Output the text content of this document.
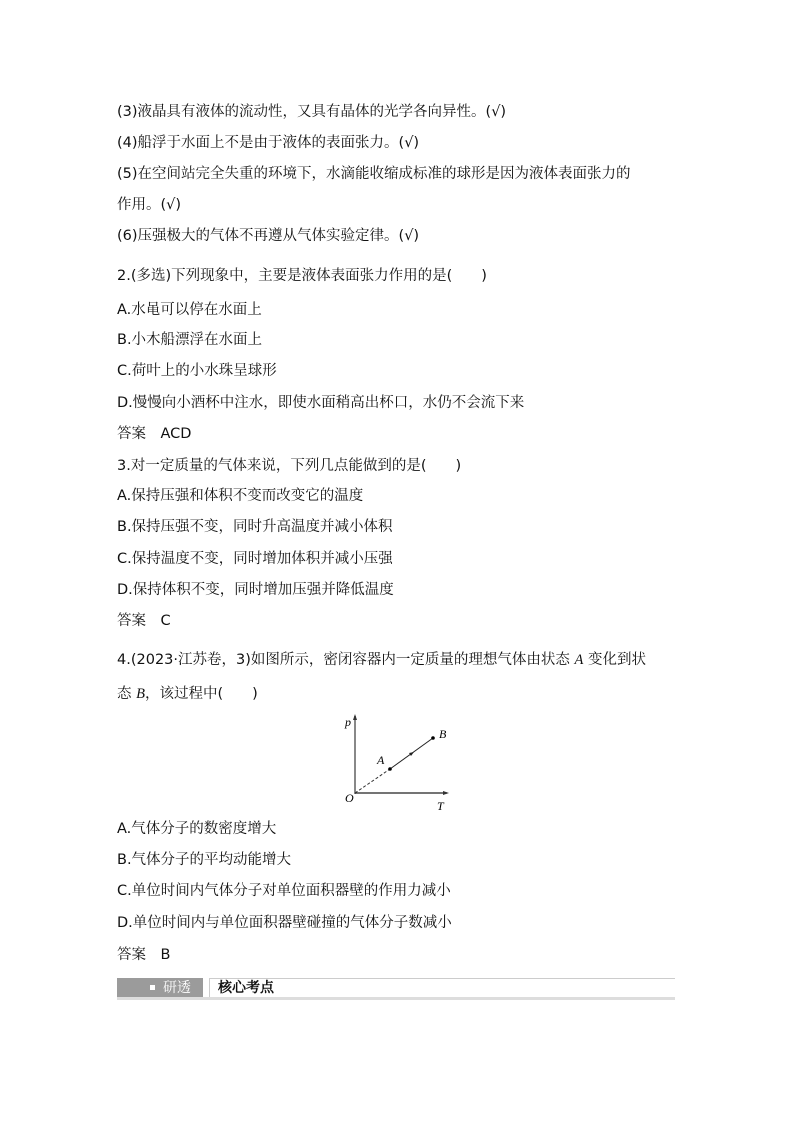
(3)液晶具有液体的流动性，又具有晶体的光学各向异性。(√)
(4)船浮于水面上不是由于液体的表面张力。(√)
(5)在空间站完全失重的环境下，水滴能收缩成标准的球形是因为液体表面张力的
作用。(√)
(6)压强极大的气体不再遵从气体实验定律。(√)
2.(多选)下列现象中，主要是液体表面张力作用的是(　　)
A.水黾可以停在水面上
B.小木船漂浮在水面上
C.荷叶上的小水珠呈球形
D.慢慢向小酒杯中注水，即使水面稍高出杯口，水仍不会流下来
答案　ACD
3.对一定质量的气体来说，下列几点能做到的是(　　)
A.保持压强和体积不变而改变它的温度
B.保持压强不变，同时升高温度并减小体积
C.保持温度不变，同时增加体积并减小压强
D.保持体积不变，同时增加压强并降低温度
答案　C
4.(2023·江苏卷，3)如图所示，密闭容器内一定质量的理想气体由状态 A 变化到状
态 B，该过程中(　　)
p
T
O
A
B
A.气体分子的数密度增大
B.气体分子的平均动能增大
C.单位时间内气体分子对单位面积器壁的作用力减小
D.单位时间内与单位面积器壁碰撞的气体分子数减小
答案　B
研透	核心考点
